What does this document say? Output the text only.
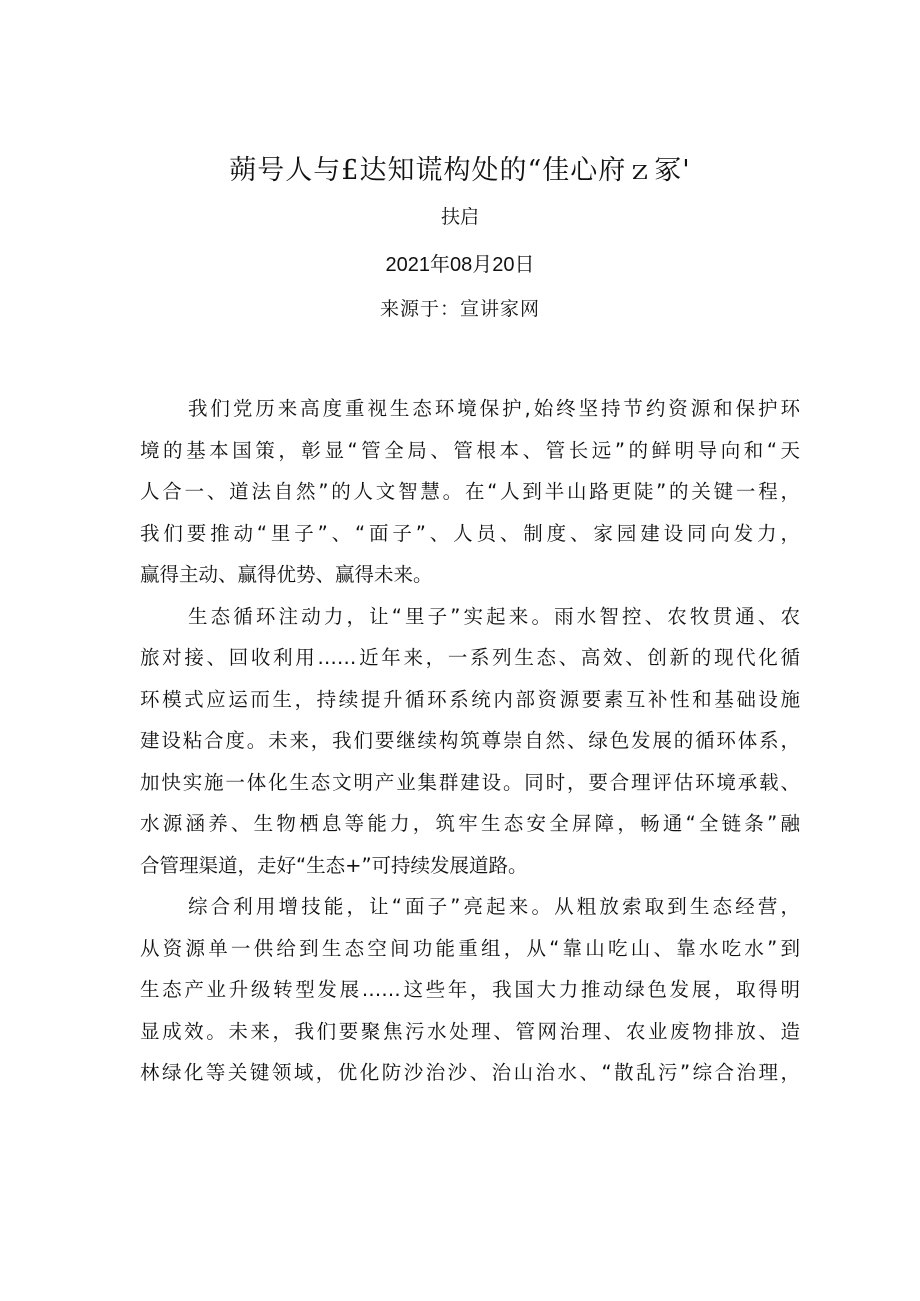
蒴号人与£达知谎构处的“佳心府ｚ冢'
扶启
2021年08月20日
来源于：宣讲家网
我们党历来高度重视生态环境保护,始终坚持节约资源和保护环
境的基本国策，彰显“管全局、管根本、管长远”的鲜明导向和“天
人合一、道法自然”的人文智慧。在“人到半山路更陡”的关键一程，
我们要推动“里子”、“面子”、人员、制度、家园建设同向发力，
赢得主动、赢得优势、赢得未来。
生态循环注动力，让“里子”实起来。雨水智控、农牧贯通、农
旅对接、回收利用……近年来，一系列生态、高效、创新的现代化循
环模式应运而生，持续提升循环系统内部资源要素互补性和基础设施
建设粘合度。未来，我们要继续构筑尊崇自然、绿色发展的循环体系，
加快实施一体化生态文明产业集群建设。同时，要合理评估环境承载、
水源涵养、生物栖息等能力，筑牢生态安全屏障，畅通“全链条”融
合管理渠道，走好“生态+”可持续发展道路。
综合利用增技能，让“面子”亮起来。从粗放索取到生态经营，
从资源单一供给到生态空间功能重组，从“靠山吃山、靠水吃水”到
生态产业升级转型发展……这些年，我国大力推动绿色发展，取得明
显成效。未来，我们要聚焦污水处理、管网治理、农业废物排放、造
林绿化等关键领域，优化防沙治沙、治山治水、“散乱污”综合治理，
